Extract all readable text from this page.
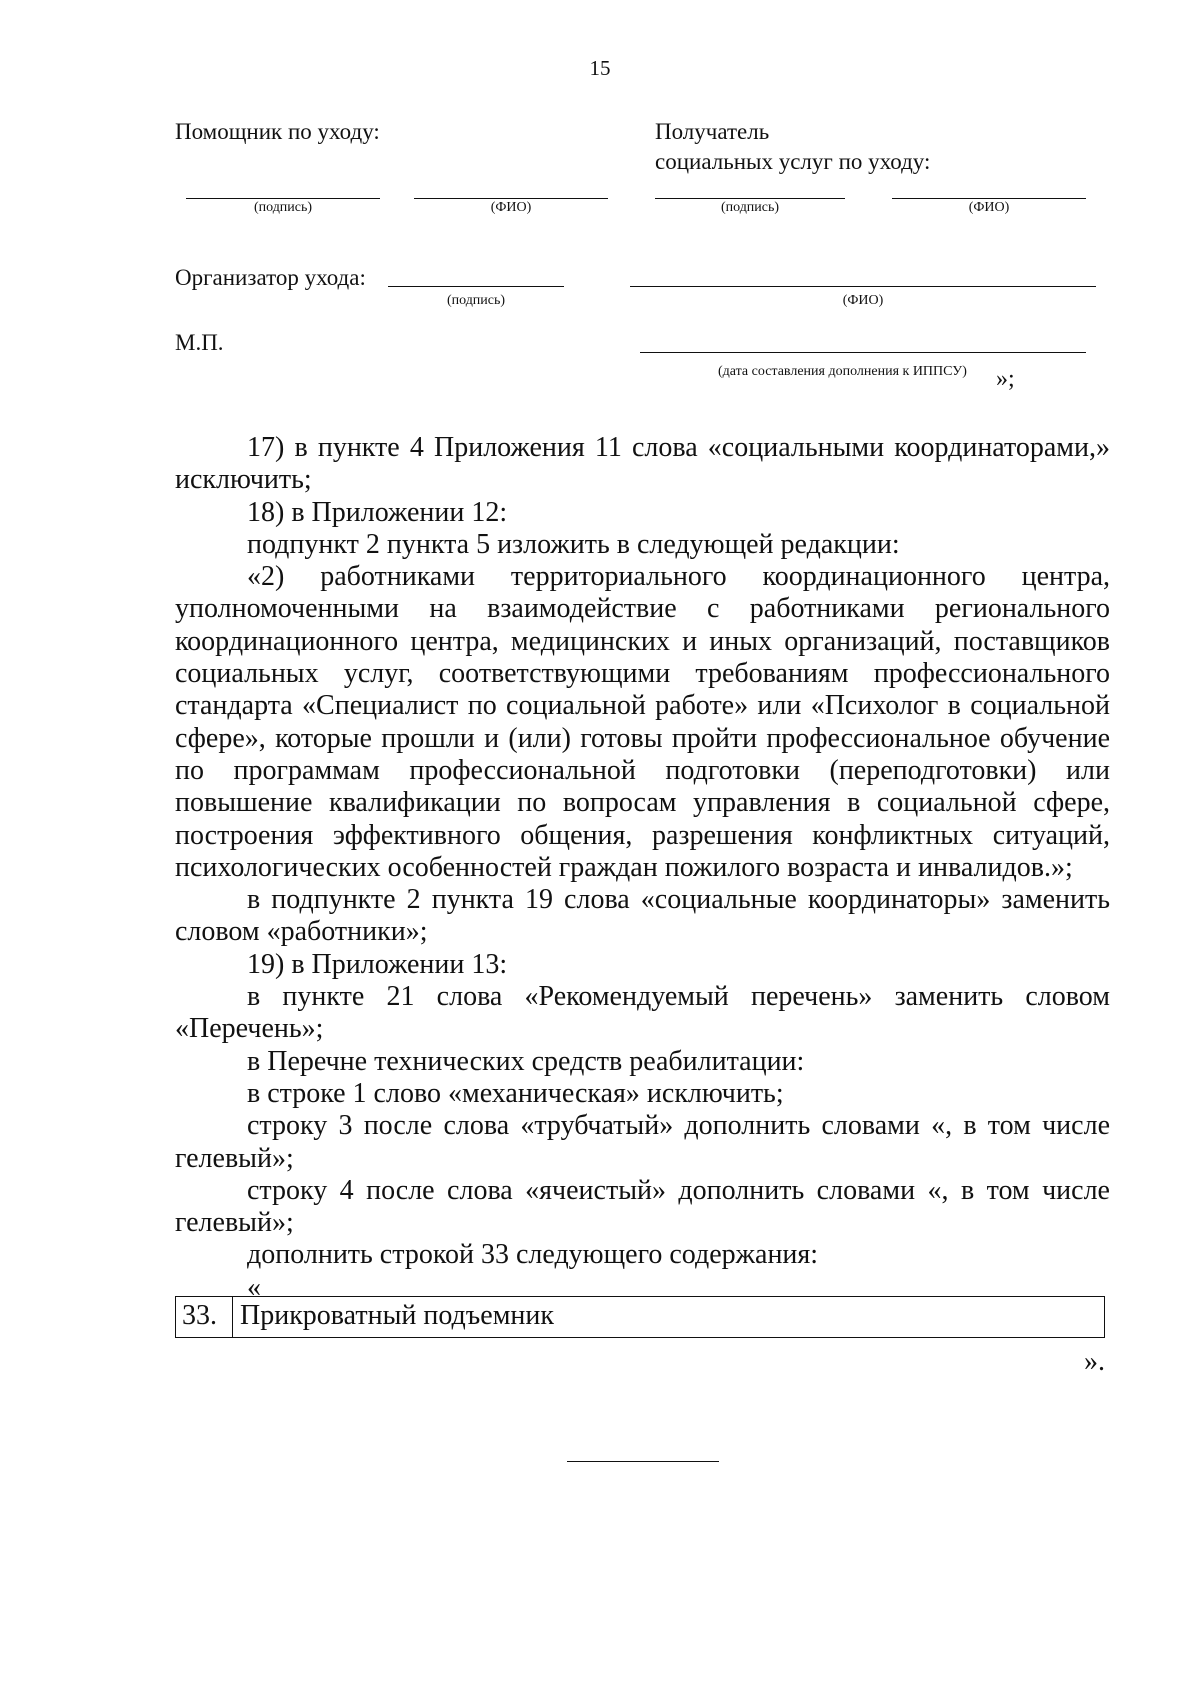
15
Помощник по уходу:	Получатель
социальных услуг по уходу:
(подпись)	(ФИО)	(подпись)	(ФИО)
Организатор ухода:
(подпись)	(ФИО)
М.П.
(дата составления дополнения к ИППСУ) »;

17) в пункте 4 Приложения 11 слова «социальными координаторами,» исключить;

18) в Приложении 12:

подпункт 2 пункта 5 изложить в следующей редакции:

«2) работниками территориального координационного центра, уполномоченными на взаимодействие с работниками регионального координационного центра, медицинских и иных организаций, поставщиков социальных услуг, соответствующими требованиям профессионального стандарта «Специалист по социальной работе» или «Психолог в социальной сфере», которые прошли и (или) готовы пройти профессиональное обучение по программам профессиональной подготовки (переподготовки) или повышение квалификации по вопросам управления в социальной сфере, построения эффективного общения, разрешения конфликтных ситуаций, психологических особенностей граждан пожилого возраста и инвалидов.»;

в подпункте 2 пункта 19 слова «социальные координаторы» заменить словом «работники»;

19) в Приложении 13:

в пункте 21 слова «Рекомендуемый перечень» заменить словом «Перечень»;

в Перечне технических средств реабилитации:

в строке 1 слово «механическая» исключить;

строку 3 после слова «трубчатый» дополнить словами «, в том числе гелевый»;

строку 4 после слова «ячеистый» дополнить словами «, в том числе гелевый»;

дополнить строкой 33 следующего содержания:

«

33. Прикроватный подъемник
».
